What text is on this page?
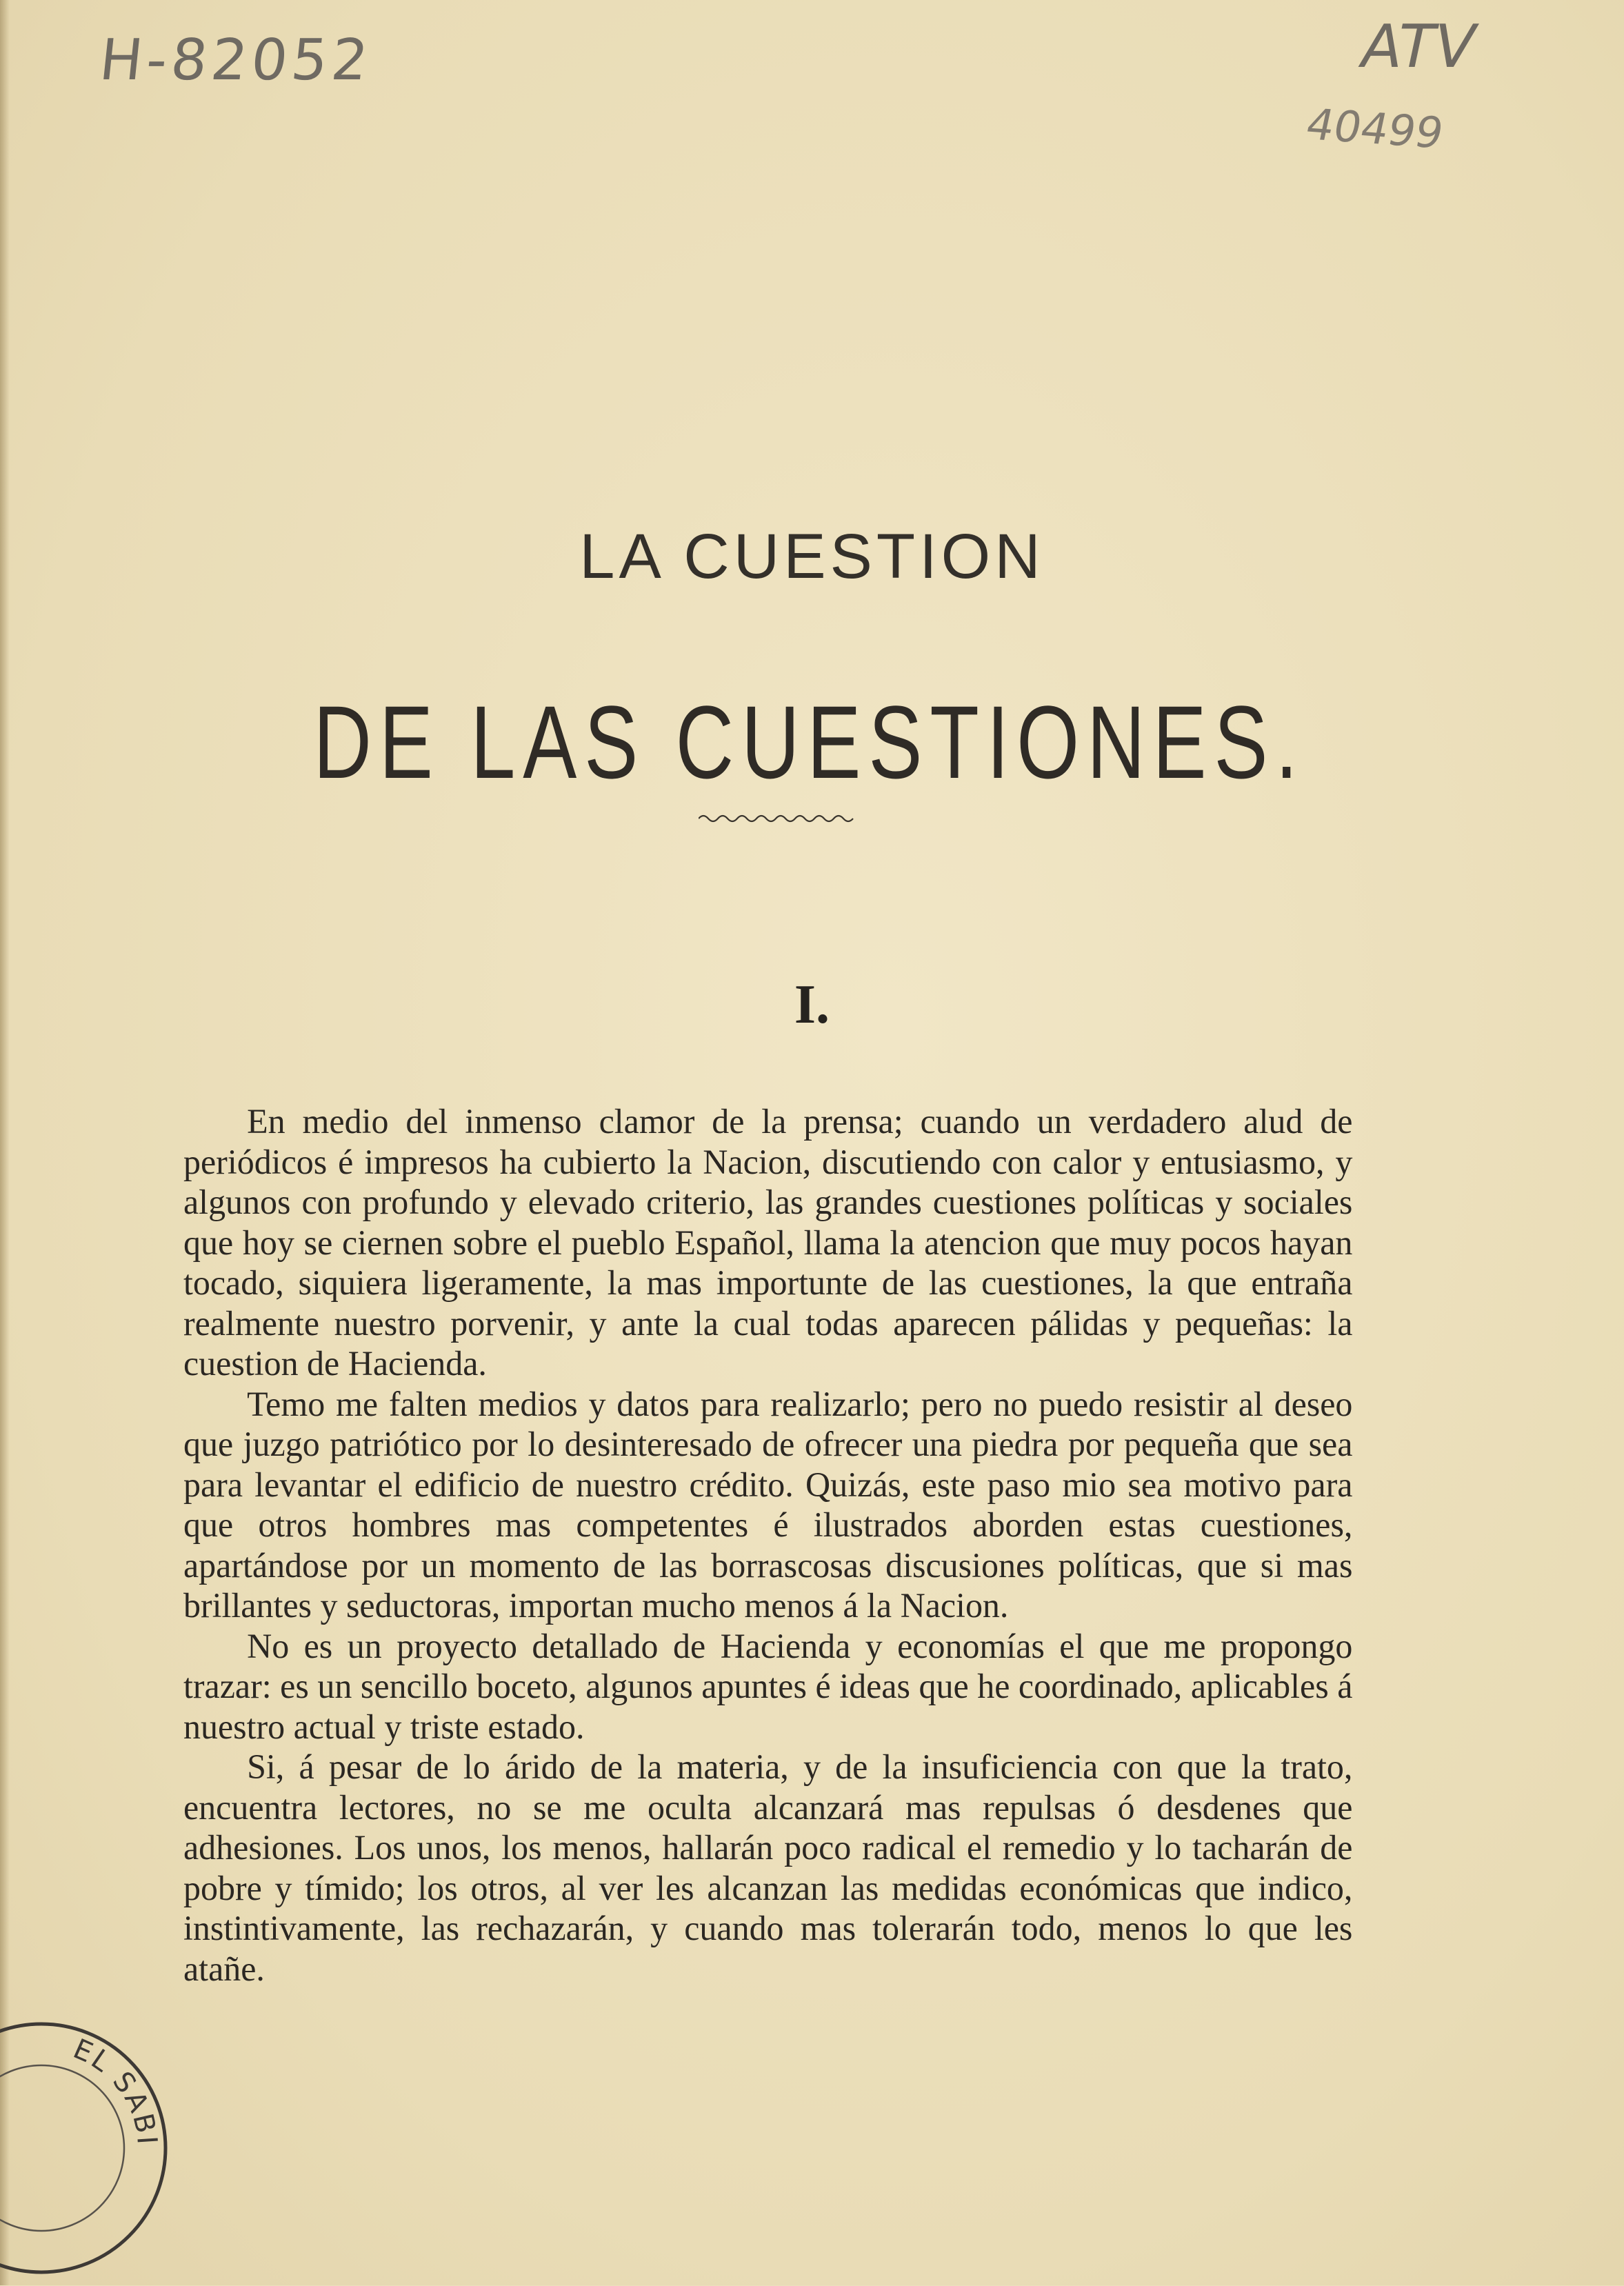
H-82052	ATV
40499
LA CUESTION
DE LAS CUESTIONES.
I.

En medio del inmenso clamor de la prensa; cuando un verdadero alud de periódicos é impresos ha cubierto la Nacion, discutiendo con calor y entusiasmo, y algunos con profundo y elevado criterio, las grandes cuestiones políticas y sociales que hoy se ciernen sobre el pueblo Español, llama la atencion que muy pocos hayan tocado, siquiera ligeramente, la mas importunte de las cuestiones, la que entraña realmente nuestro porvenir, y ante la cual todas aparecen pálidas y pequeñas: la cuestion de Hacienda.

Temo me falten medios y datos para realizarlo; pero no puedo resistir al deseo que juzgo patriótico por lo desinteresado de ofrecer una piedra por pequeña que sea para levantar el edificio de nuestro crédito. Quizás, este paso mio sea motivo para que otros hombres mas competentes é ilustrados aborden estas cuestiones, apartándose por un momento de las borrascosas discusiones políticas, que si mas brillantes y seductoras, importan mucho menos á la Nacion.

No es un proyecto detallado de Hacienda y economías el que me propongo trazar: es un sencillo boceto, algunos apuntes é ideas que he coordinado, aplicables á nuestro actual y triste estado.

Si, á pesar de lo árido de la materia, y de la insuficiencia con que la trato, encuentra lectores, no se me oculta alcanzará mas repulsas ó desdenes que adhesiones. Los unos, los menos, hallarán poco radical el remedio y lo tacharán de pobre y tímido; los otros, al ver les alcanzan las medidas económicas que indico, instintivamente, las rechazarán, y cuando mas tolerarán todo, menos lo que les atañe.

EL SABI
